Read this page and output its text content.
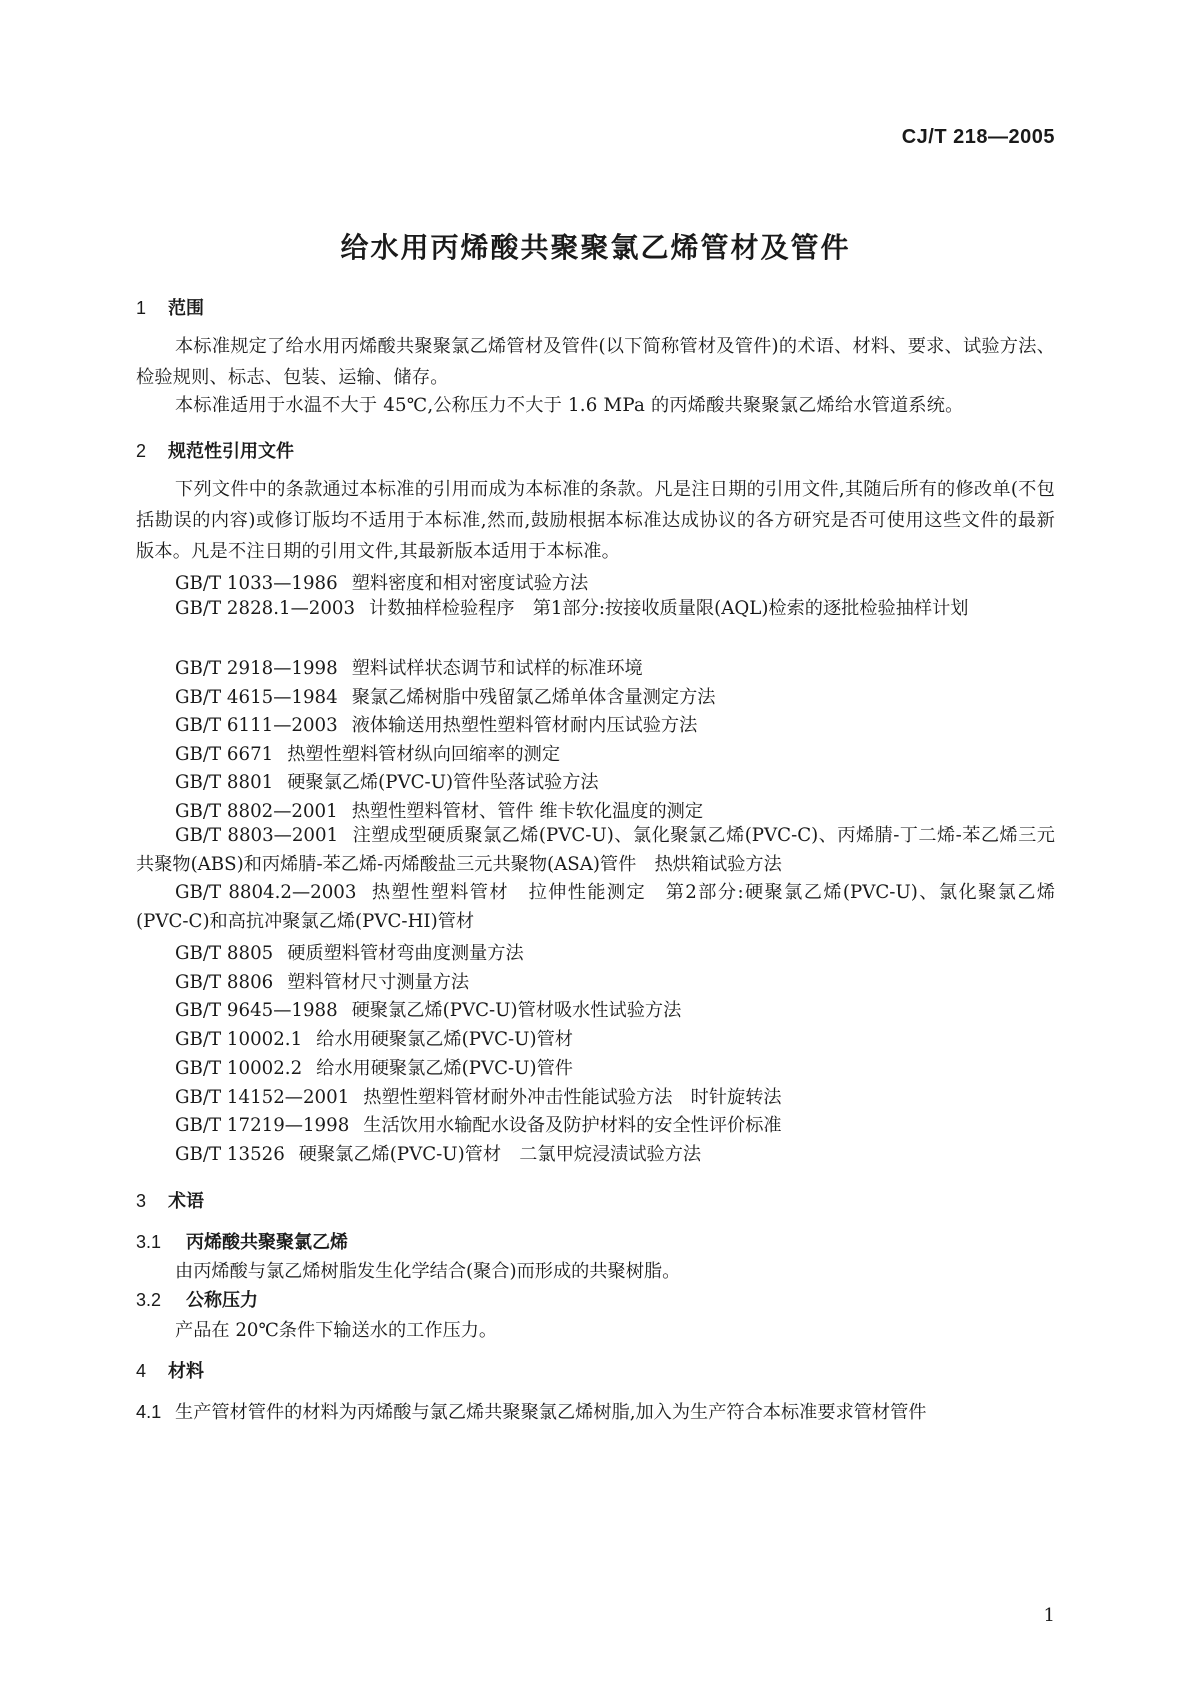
CJ/T 218—2005
给水用丙烯酸共聚聚氯乙烯管材及管件
1 范围
本标准规定了给水用丙烯酸共聚聚氯乙烯管材及管件(以下简称管材及管件)的术语、材料、要求、试验方法、检验规则、标志、包装、运输、储存。
本标准适用于水温不大于 45℃,公称压力不大于 1.6 MPa 的丙烯酸共聚聚氯乙烯给水管道系统。
2 规范性引用文件
下列文件中的条款通过本标准的引用而成为本标准的条款。凡是注日期的引用文件,其随后所有的修改单(不包括勘误的内容)或修订版均不适用于本标准,然而,鼓励根据本标准达成协议的各方研究是否可使用这些文件的最新版本。凡是不注日期的引用文件,其最新版本适用于本标准。
GB/T 1033—1986 塑料密度和相对密度试验方法
GB/T 2828.1—2003 计数抽样检验程序　第1部分:按接收质量限(AQL)检索的逐批检验抽样计划
GB/T 2918—1998 塑料试样状态调节和试样的标准环境
GB/T 4615—1984 聚氯乙烯树脂中残留氯乙烯单体含量测定方法
GB/T 6111—2003 液体输送用热塑性塑料管材耐内压试验方法
GB/T 6671 热塑性塑料管材纵向回缩率的测定
GB/T 8801 硬聚氯乙烯(PVC-U)管件坠落试验方法
GB/T 8802—2001 热塑性塑料管材、管件 维卡软化温度的测定
GB/T 8803—2001 注塑成型硬质聚氯乙烯(PVC-U)、氯化聚氯乙烯(PVC-C)、丙烯腈-丁二烯-苯乙烯三元共聚物(ABS)和丙烯腈-苯乙烯-丙烯酸盐三元共聚物(ASA)管件　热烘箱试验方法
GB/T 8804.2—2003 热塑性塑料管材　拉伸性能测定　第2部分:硬聚氯乙烯(PVC-U)、氯化聚氯乙烯(PVC-C)和高抗冲聚氯乙烯(PVC-HI)管材
GB/T 8805 硬质塑料管材弯曲度测量方法
GB/T 8806 塑料管材尺寸测量方法
GB/T 9645—1988 硬聚氯乙烯(PVC-U)管材吸水性试验方法
GB/T 10002.1 给水用硬聚氯乙烯(PVC-U)管材
GB/T 10002.2 给水用硬聚氯乙烯(PVC-U)管件
GB/T 14152—2001 热塑性塑料管材耐外冲击性能试验方法　时针旋转法
GB/T 17219—1998 生活饮用水输配水设备及防护材料的安全性评价标准
GB/T 13526 硬聚氯乙烯(PVC-U)管材　二氯甲烷浸渍试验方法
3 术语
3.1 丙烯酸共聚聚氯乙烯
由丙烯酸与氯乙烯树脂发生化学结合(聚合)而形成的共聚树脂。
3.2 公称压力
产品在 20℃条件下输送水的工作压力。
4 材料
4.1 生产管材管件的材料为丙烯酸与氯乙烯共聚聚氯乙烯树脂,加入为生产符合本标准要求管材管件
1
